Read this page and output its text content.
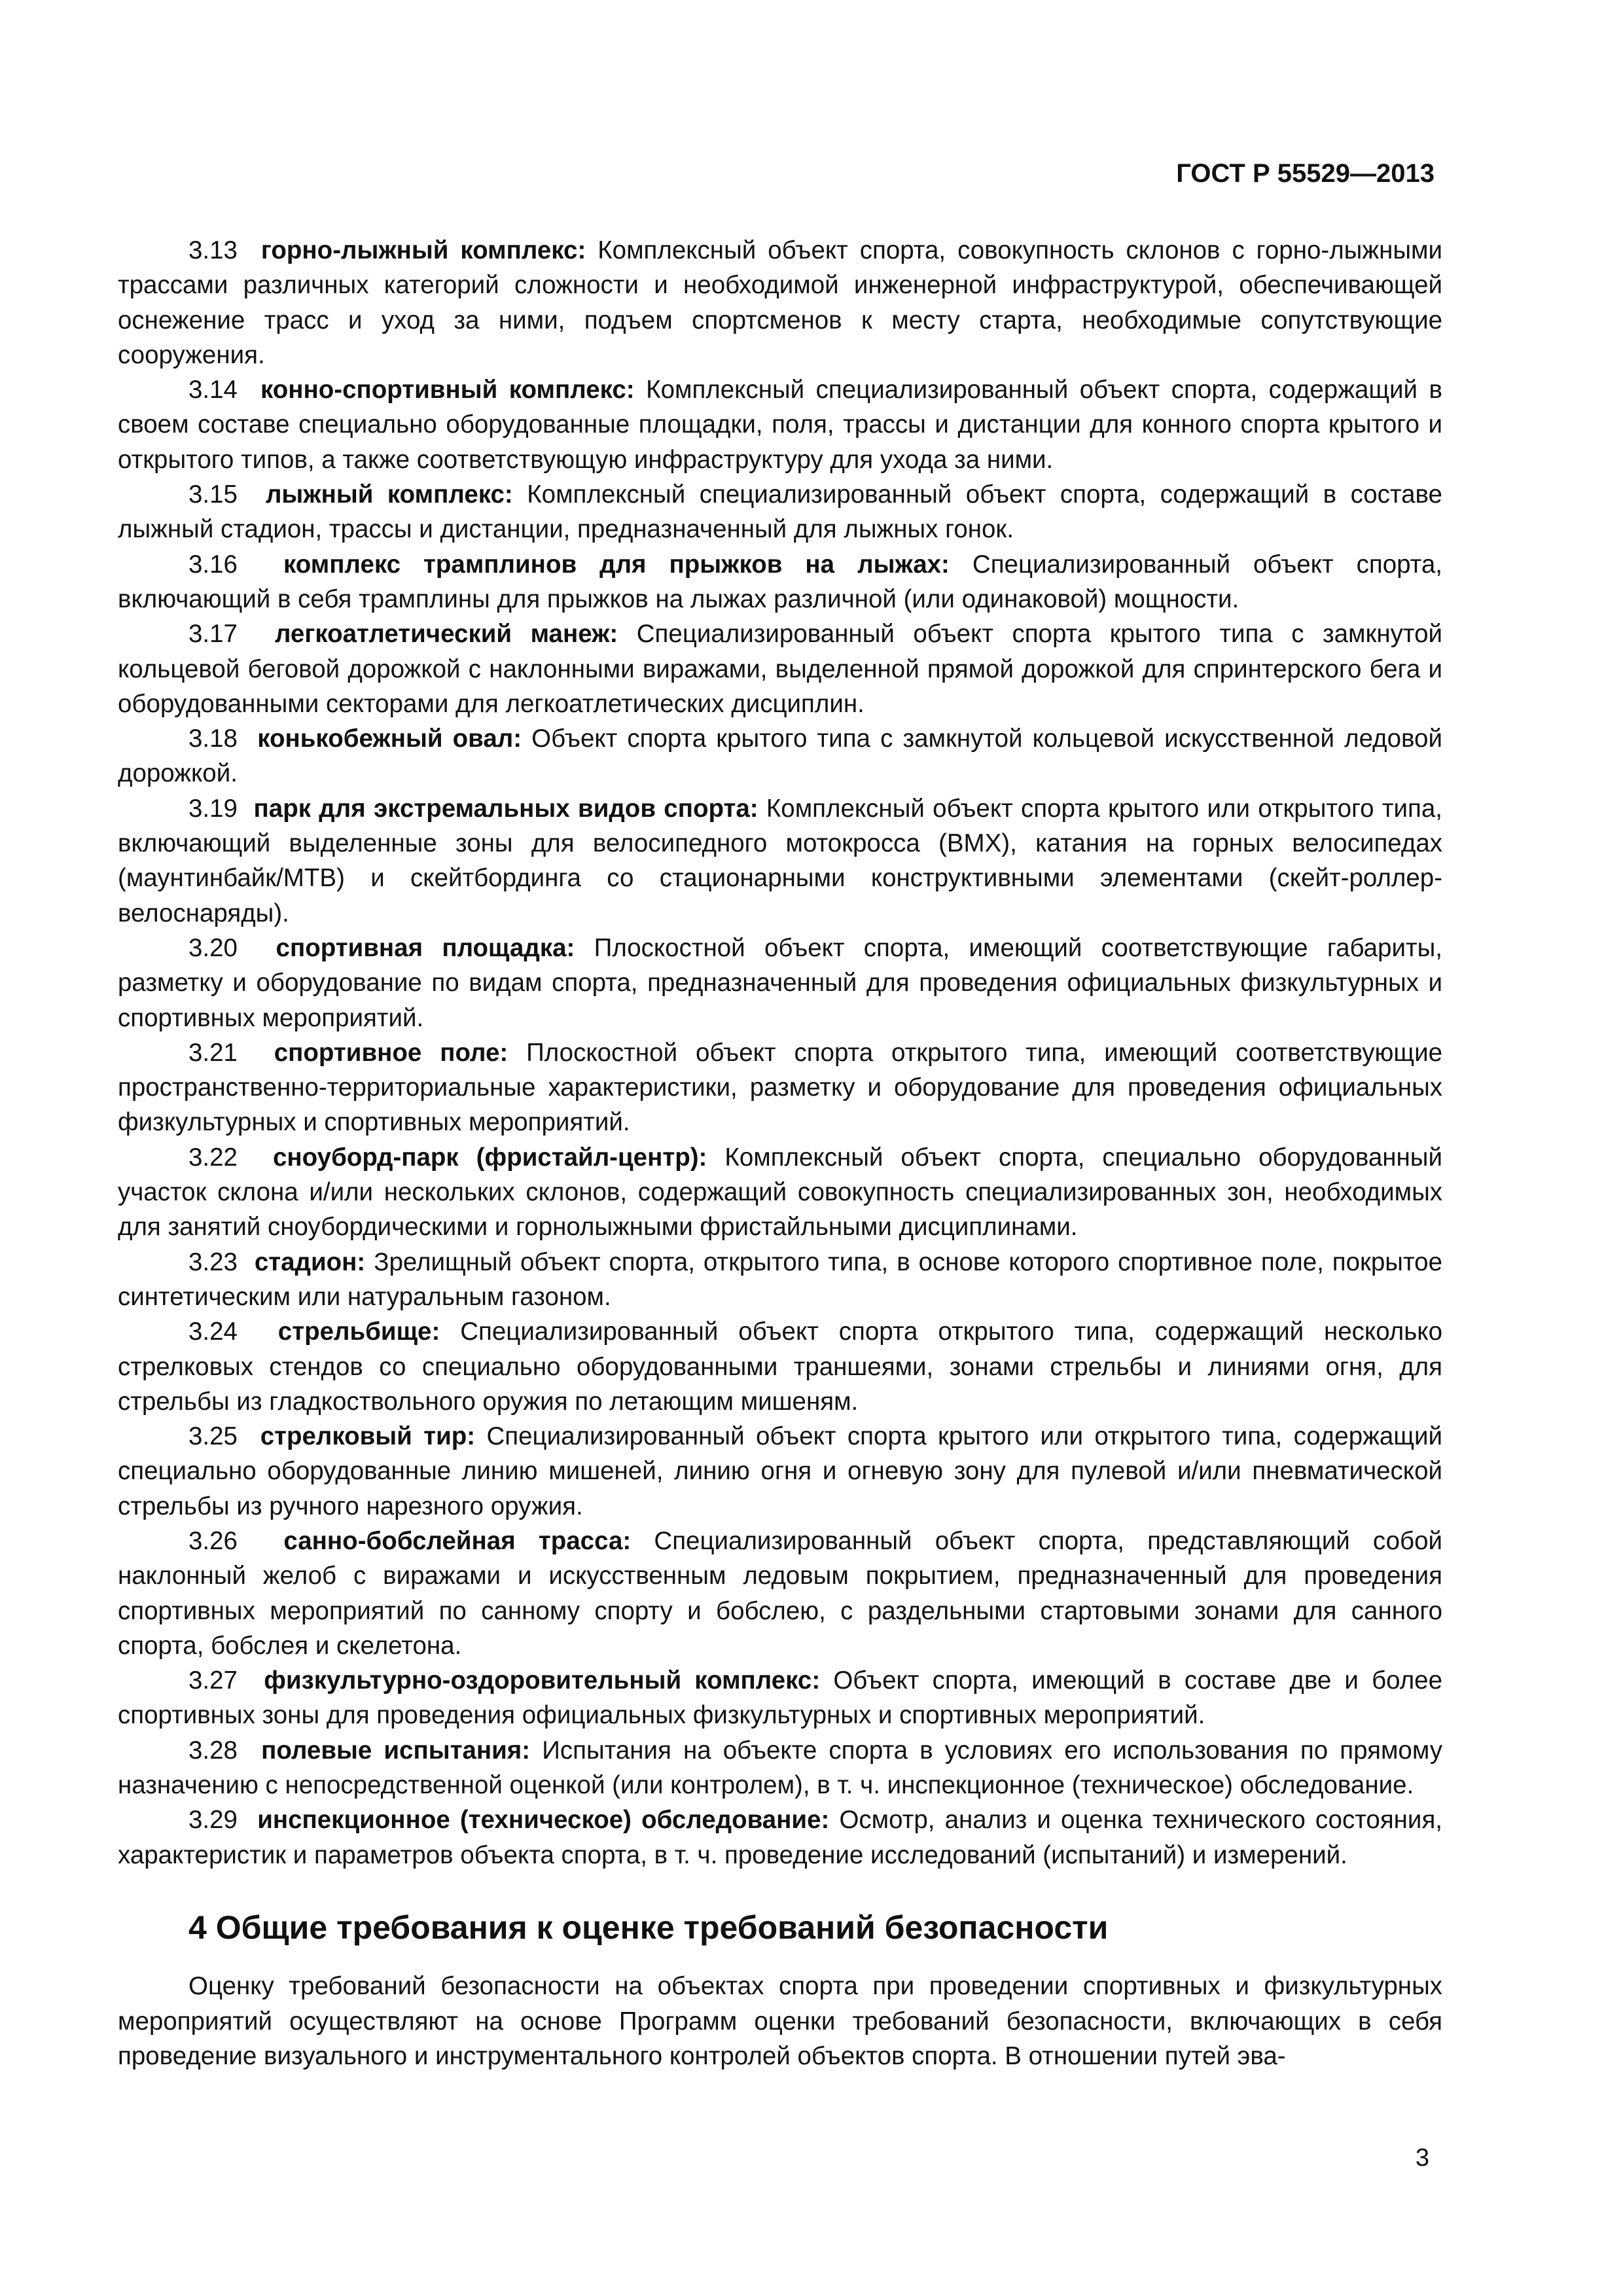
ГОСТ Р 55529—2013

3.13 горно-лыжный комплекс: Комплексный объект спорта, совокупность склонов с горно-лыжными трассами различных категорий сложности и необходимой инженерной инфраструктурой, обеспечивающей оснежение трасс и уход за ними, подъем спортсменов к месту старта, необходимые сопутствующие сооружения.

3.14 конно-спортивный комплекс: Комплексный специализированный объект спорта, содержащий в своем составе специально оборудованные площадки, поля, трассы и дистанции для конного спорта крытого и открытого типов, а также соответствующую инфраструктуру для ухода за ними.

3.15 лыжный комплекс: Комплексный специализированный объект спорта, содержащий в составе лыжный стадион, трассы и дистанции, предназначенный для лыжных гонок.

3.16 комплекс трамплинов для прыжков на лыжах: Специализированный объект спорта, включающий в себя трамплины для прыжков на лыжах различной (или одинаковой) мощности.

3.17 легкоатлетический манеж: Специализированный объект спорта крытого типа с замкнутой кольцевой беговой дорожкой с наклонными виражами, выделенной прямой дорожкой для спринтерского бега и оборудованными секторами для легкоатлетических дисциплин.

3.18 конькобежный овал: Объект спорта крытого типа с замкнутой кольцевой искусственной ледовой дорожкой.

3.19 парк для экстремальных видов спорта: Комплексный объект спорта крытого или открытого типа, включающий выделенные зоны для велосипедного мотокросса (BMX), катания на горных велосипедах (маунтинбайк/MTB) и скейтбординга со стационарными конструктивными элементами (скейт-роллер-велоснаряды).

3.20 спортивная площадка: Плоскостной объект спорта, имеющий соответствующие габариты, разметку и оборудование по видам спорта, предназначенный для проведения официальных физкультурных и спортивных мероприятий.

3.21 спортивное поле: Плоскостной объект спорта открытого типа, имеющий соответствующие пространственно-территориальные характеристики, разметку и оборудование для проведения официальных физкультурных и спортивных мероприятий.

3.22 сноуборд-парк (фристайл-центр): Комплексный объект спорта, специально оборудованный участок склона и/или нескольких склонов, содержащий совокупность специализированных зон, необходимых для занятий сноубордическими и горнолыжными фристайльными дисциплинами.

3.23 стадион: Зрелищный объект спорта, открытого типа, в основе которого спортивное поле, покрытое синтетическим или натуральным газоном.

3.24 стрельбище: Специализированный объект спорта открытого типа, содержащий несколько стрелковых стендов со специально оборудованными траншеями, зонами стрельбы и линиями огня, для стрельбы из гладкоствольного оружия по летающим мишеням.

3.25 стрелковый тир: Специализированный объект спорта крытого или открытого типа, содержащий специально оборудованные линию мишеней, линию огня и огневую зону для пулевой и/или пневматической стрельбы из ручного нарезного оружия.

3.26 санно-бобслейная трасса: Специализированный объект спорта, представляющий собой наклонный желоб с виражами и искусственным ледовым покрытием, предназначенный для проведения спортивных мероприятий по санному спорту и бобслею, с раздельными стартовыми зонами для санного спорта, бобслея и скелетона.

3.27 физкультурно-оздоровительный комплекс: Объект спорта, имеющий в составе две и более спортивных зоны для проведения официальных физкультурных и спортивных мероприятий.

3.28 полевые испытания: Испытания на объекте спорта в условиях его использования по прямому назначению с непосредственной оценкой (или контролем), в т. ч. инспекционное (техническое) обследование.

3.29 инспекционное (техническое) обследование: Осмотр, анализ и оценка технического состояния, характеристик и параметров объекта спорта, в т. ч. проведение исследований (испытаний) и измерений.

4 Общие требования к оценке требований безопасности

Оценку требований безопасности на объектах спорта при проведении спортивных и физкультурных мероприятий осуществляют на основе Программ оценки требований безопасности, включающих в себя проведение визуального и инструментального контролей объектов спорта. В отношении путей эва-

3
